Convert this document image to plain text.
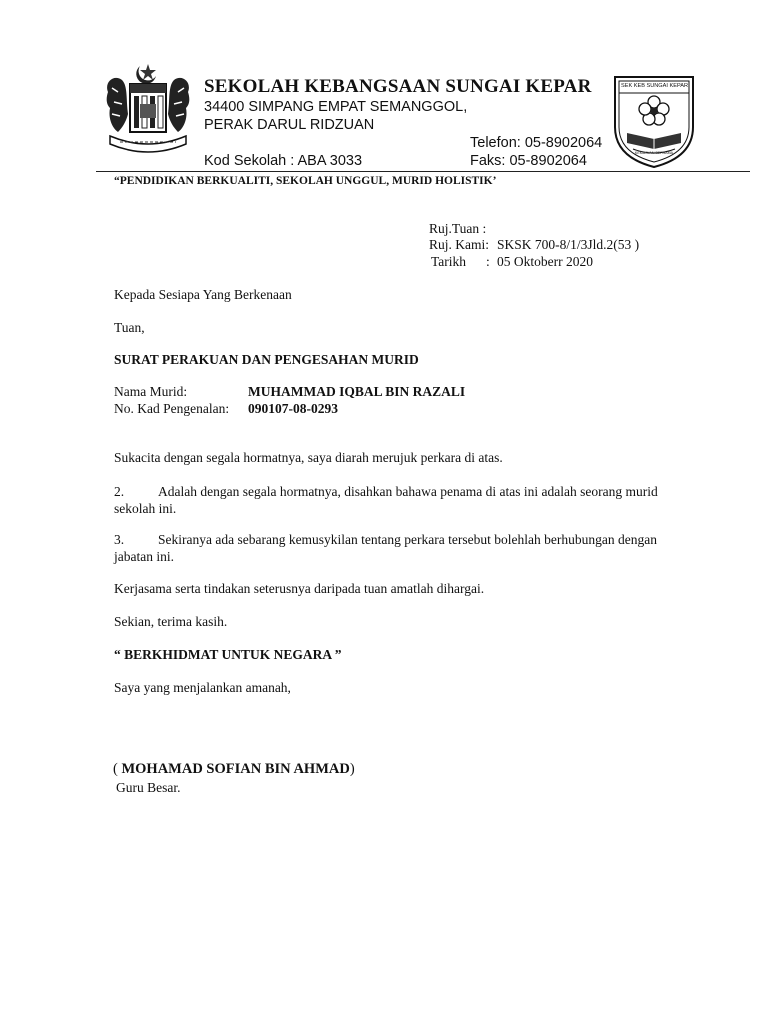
SEKOLAH KEBANGSAAN SUNGAI KEPAR
34400 SIMPANG EMPAT SEMANGGOL,
PERAK DARUL RIDZUAN
Telefon: 05-8902064
Kod Sekolah : ABA 3033	Faks: 05-8902064
SEK KEB SUNGAI KEPAR
KEMAJUAN BERSAMA
“PENDIDIKAN BERKUALITI, SEKOLAH UNGGUL, MURID HOLISTIK’
Ruj.Tuan :
Ruj. Kami: SKSK 700-8/1/3Jld.2(53 )
Tarikh : 05 Oktoberr 2020
Kepada Sesiapa Yang Berkenaan
Tuan,
SURAT PERAKUAN DAN PENGESAHAN MURID
Nama Murid:	MUHAMMAD IQBAL BIN RAZALI
No. Kad Pengenalan: 090107-08-0293
Sukacita dengan segala hormatnya, saya diarah merujuk perkara di atas.
2.	Adalah dengan segala hormatnya, disahkan bahawa penama di atas ini adalah seorang murid sekolah ini.
3.	Sekiranya ada sebarang kemusykilan tentang perkara tersebut bolehlah berhubungan dengan jabatan ini.
Kerjasama serta tindakan seterusnya daripada tuan amatlah dihargai.
Sekian, terima kasih.
“ BERKHIDMAT UNTUK NEGARA ”
Saya yang menjalankan amanah,
( MOHAMAD SOFIAN BIN AHMAD)
Guru Besar.
